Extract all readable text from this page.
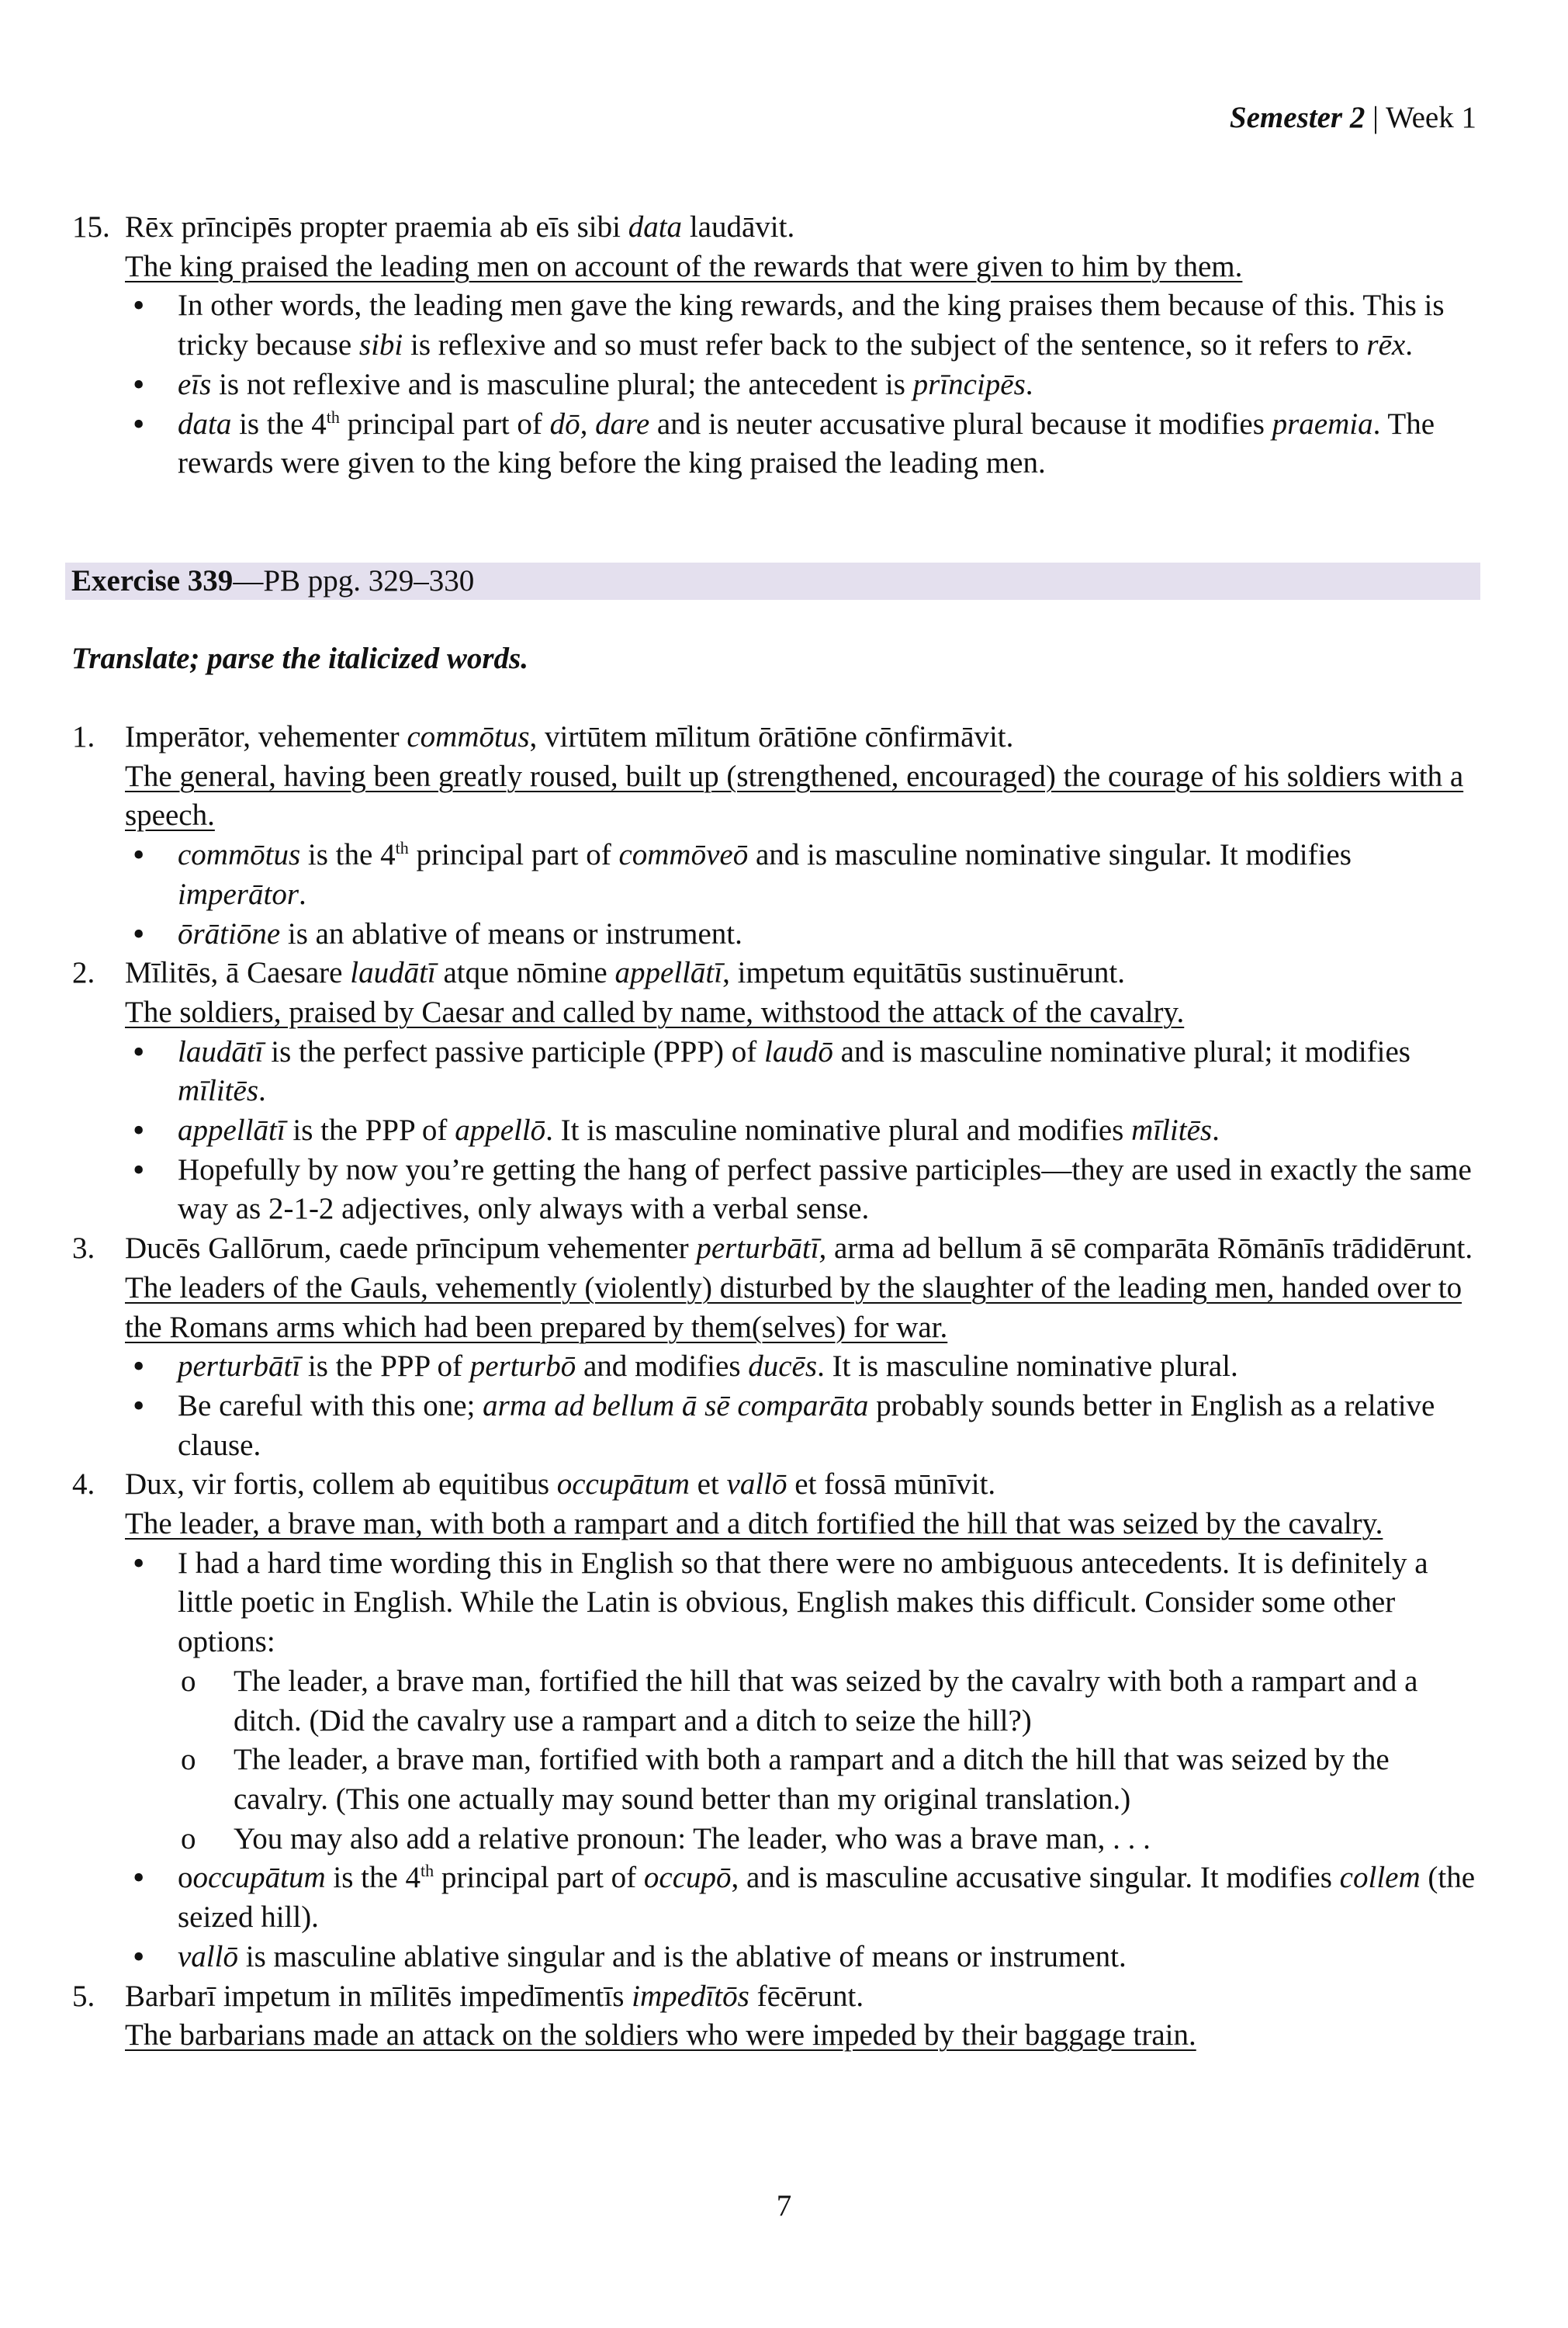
Semester 2 | Week 1
15. Rēx prīncipēs propter praemia ab eīs sibi data laudāvit.
The king praised the leading men on account of the rewards that were given to him by them.
• In other words, the leading men gave the king rewards, and the king praises them because of this. This is tricky because sibi is reflexive and so must refer back to the subject of the sentence, so it refers to rēx.
• eīs is not reflexive and is masculine plural; the antecedent is prīncipēs.
• data is the 4th principal part of dō, dare and is neuter accusative plural because it modifies praemia. The rewards were given to the king before the king praised the leading men.
Exercise 339—PB ppg. 329–330
Translate; parse the italicized words.
1. Imperātor, vehementer commōtus, virtūtem mīlitum ōrātiōne cōnfirmāvit.
The general, having been greatly roused, built up (strengthened, encouraged) the courage of his soldiers with a speech.
• commōtus is the 4th principal part of commōveō and is masculine nominative singular. It modifies imperātor.
• ōrātiōne is an ablative of means or instrument.
2. Mīlitēs, ā Caesare laudātī atque nōmine appellātī, impetum equitātūs sustinuērunt.
The soldiers, praised by Caesar and called by name, withstood the attack of the cavalry.
• laudātī is the perfect passive participle (PPP) of laudō and is masculine nominative plural; it modifies mīlitēs.
• appellātī is the PPP of appellō. It is masculine nominative plural and modifies mīlitēs.
• Hopefully by now you’re getting the hang of perfect passive participles—they are used in exactly the same way as 2-1-2 adjectives, only always with a verbal sense.
3. Ducēs Gallōrum, caede prīncipum vehementer perturbātī, arma ad bellum ā sē comparāta Rōmānīs trādidērunt.
The leaders of the Gauls, vehemently (violently) disturbed by the slaughter of the leading men, handed over to the Romans arms which had been prepared by them(selves) for war.
• perturbātī is the PPP of perturbō and modifies ducēs. It is masculine nominative plural.
• Be careful with this one; arma ad bellum ā sē comparāta probably sounds better in English as a relative clause.
4. Dux, vir fortis, collem ab equitibus occupātum et vallō et fossā mūnīvit.
The leader, a brave man, with both a rampart and a ditch fortified the hill that was seized by the cavalry.
• I had a hard time wording this in English so that there were no ambiguous antecedents. It is definitely a little poetic in English. While the Latin is obvious, English makes this difficult. Consider some other options:
o The leader, a brave man, fortified the hill that was seized by the cavalry with both a rampart and a ditch. (Did the cavalry use a rampart and a ditch to seize the hill?)
o The leader, a brave man, fortified with both a rampart and a ditch the hill that was seized by the cavalry. (This one actually may sound better than my original translation.)
o You may also add a relative pronoun: The leader, who was a brave man, . . .
• ooccupātum is the 4th principal part of occupō, and is masculine accusative singular. It modifies collem (the seized hill).
• vallō is masculine ablative singular and is the ablative of means or instrument.
5. Barbarī impetum in mīlitēs impedīmentīs impedītōs fēcērunt.
The barbarians made an attack on the soldiers who were impeded by their baggage train.
7
